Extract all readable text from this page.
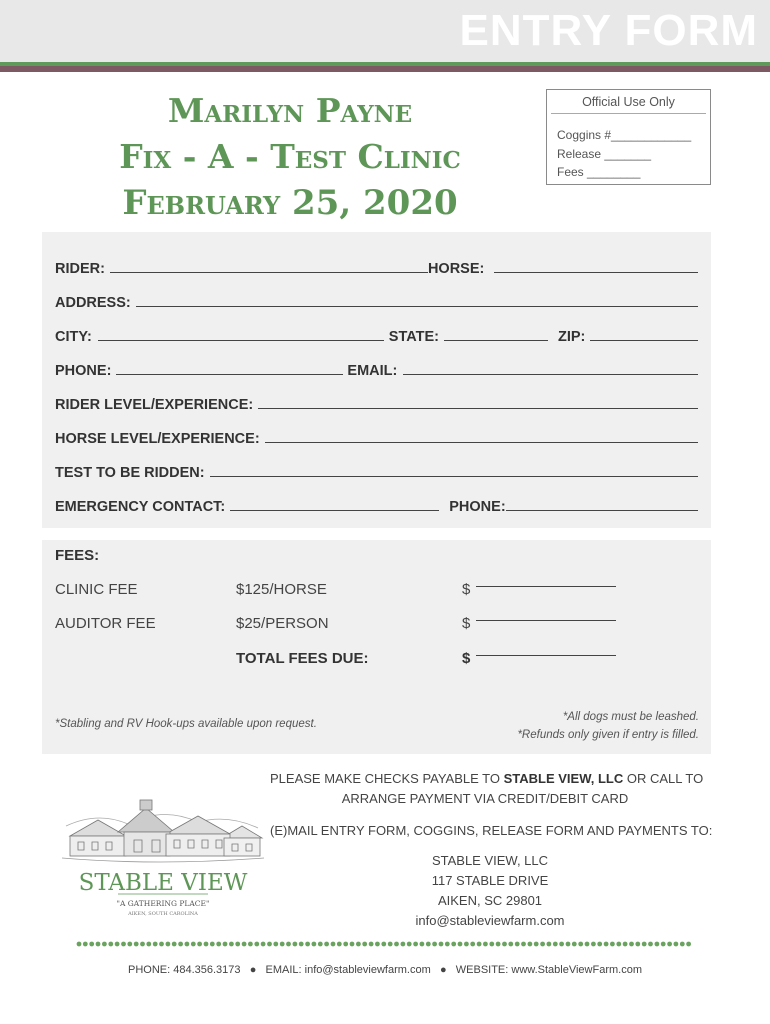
ENTRY FORM
Marilyn Payne
Fix - A - Test Clinic
February 25, 2020
Official Use Only
Coggins #____________
Release _______
Fees ________
RIDER:	HORSE:
ADDRESS:
CITY:	STATE:	ZIP:
PHONE:	EMAIL:
RIDER LEVEL/EXPERIENCE:
HORSE LEVEL/EXPERIENCE:
TEST TO BE RIDDEN:
EMERGENCY CONTACT:	PHONE:
FEES:
CLINIC FEE	$125/HORSE	$
AUDITOR FEE	$25/PERSON	$
TOTAL FEES DUE:	$
*Stabling and RV Hook-ups available upon request.
*All dogs must be leashed.
*Refunds only given if entry is filled.
PLEASE MAKE CHECKS PAYABLE TO STABLE VIEW, LLC OR CALL TO
ARRANGE PAYMENT VIA CREDIT/DEBIT CARD
(E)MAIL ENTRY FORM, COGGINS, RELEASE FORM AND PAYMENTS TO:
STABLE VIEW, LLC
117 STABLE DRIVE
AIKEN, SC 29801
info@stableviewfarm.com
STABLE VIEW
"A GATHERING PLACE"
AIKEN, SOUTH CAROLINA
PHONE: 484.356.3173 ● EMAIL: info@stableviewfarm.com ● WEBSITE: www.StableViewFarm.com
